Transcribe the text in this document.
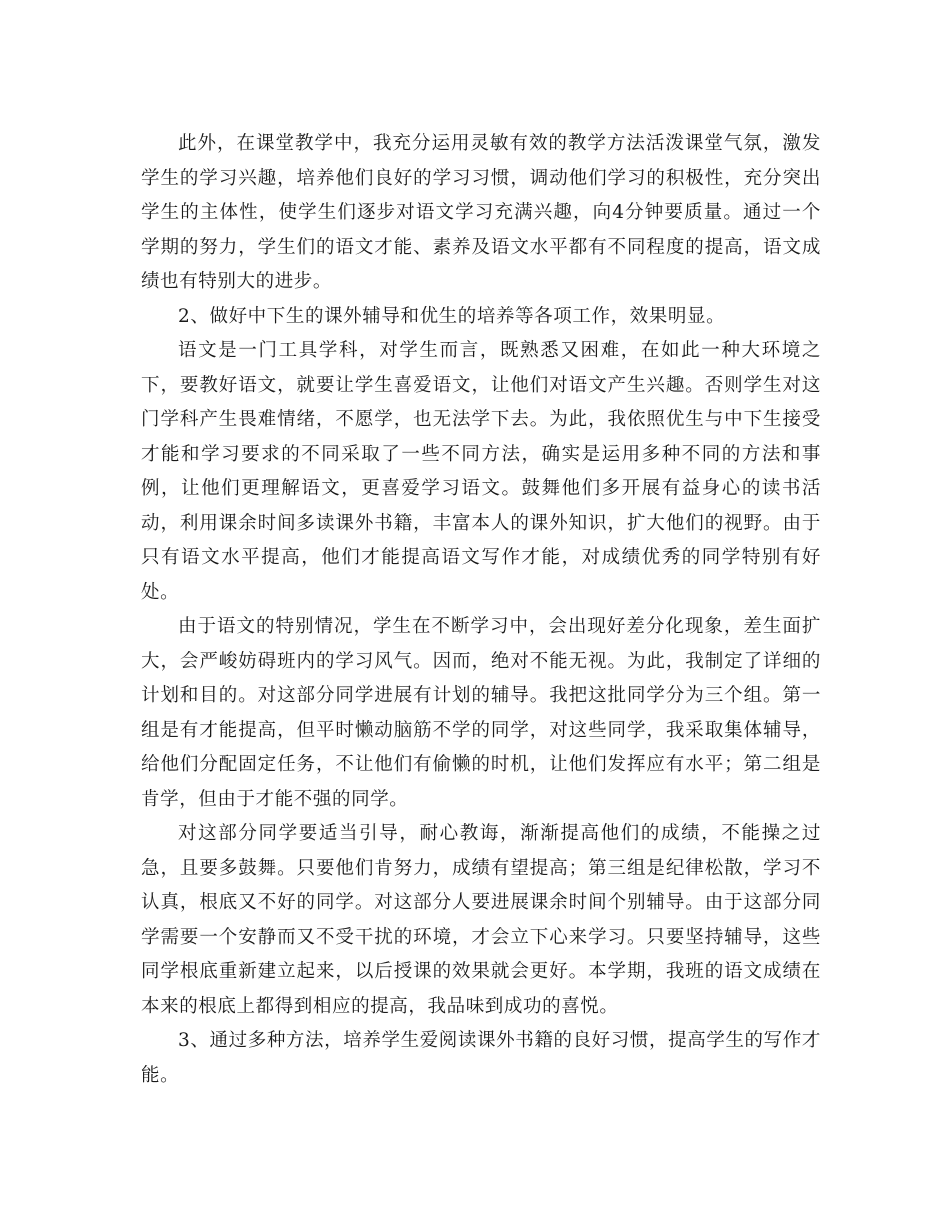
此外，在课堂教学中，我充分运用灵敏有效的教学方法活泼课堂气氛，激发学生的学习兴趣，培养他们良好的学习习惯，调动他们学习的积极性，充分突出学生的主体性，使学生们逐步对语文学习充满兴趣，向4分钟要质量。通过一个学期的努力，学生们的语文才能、素养及语文水平都有不同程度的提高，语文成绩也有特别大的进步。

2、做好中下生的课外辅导和优生的培养等各项工作，效果明显。

语文是一门工具学科，对学生而言，既熟悉又困难，在如此一种大环境之下，要教好语文，就要让学生喜爱语文，让他们对语文产生兴趣。否则学生对这门学科产生畏难情绪，不愿学，也无法学下去。为此，我依照优生与中下生接受才能和学习要求的不同采取了一些不同方法，确实是运用多种不同的方法和事例，让他们更理解语文，更喜爱学习语文。鼓舞他们多开展有益身心的读书活动，利用课余时间多读课外书籍，丰富本人的课外知识，扩大他们的视野。由于只有语文水平提高，他们才能提高语文写作才能，对成绩优秀的同学特别有好处。

由于语文的特别情况，学生在不断学习中，会出现好差分化现象，差生面扩大，会严峻妨碍班内的学习风气。因而，绝对不能无视。为此，我制定了详细的计划和目的。对这部分同学进展有计划的辅导。我把这批同学分为三个组。第一组是有才能提高，但平时懒动脑筋不学的同学，对这些同学，我采取集体辅导，给他们分配固定任务，不让他们有偷懒的时机，让他们发挥应有水平；第二组是肯学，但由于才能不强的同学。

对这部分同学要适当引导，耐心教诲，渐渐提高他们的成绩，不能操之过急，且要多鼓舞。只要他们肯努力，成绩有望提高；第三组是纪律松散，学习不认真，根底又不好的同学。对这部分人要进展课余时间个别辅导。由于这部分同学需要一个安静而又不受干扰的环境，才会立下心来学习。只要坚持辅导，这些同学根底重新建立起来，以后授课的效果就会更好。本学期，我班的语文成绩在本来的根底上都得到相应的提高，我品味到成功的喜悦。

3、通过多种方法，培养学生爱阅读课外书籍的良好习惯，提高学生的写作才能。
